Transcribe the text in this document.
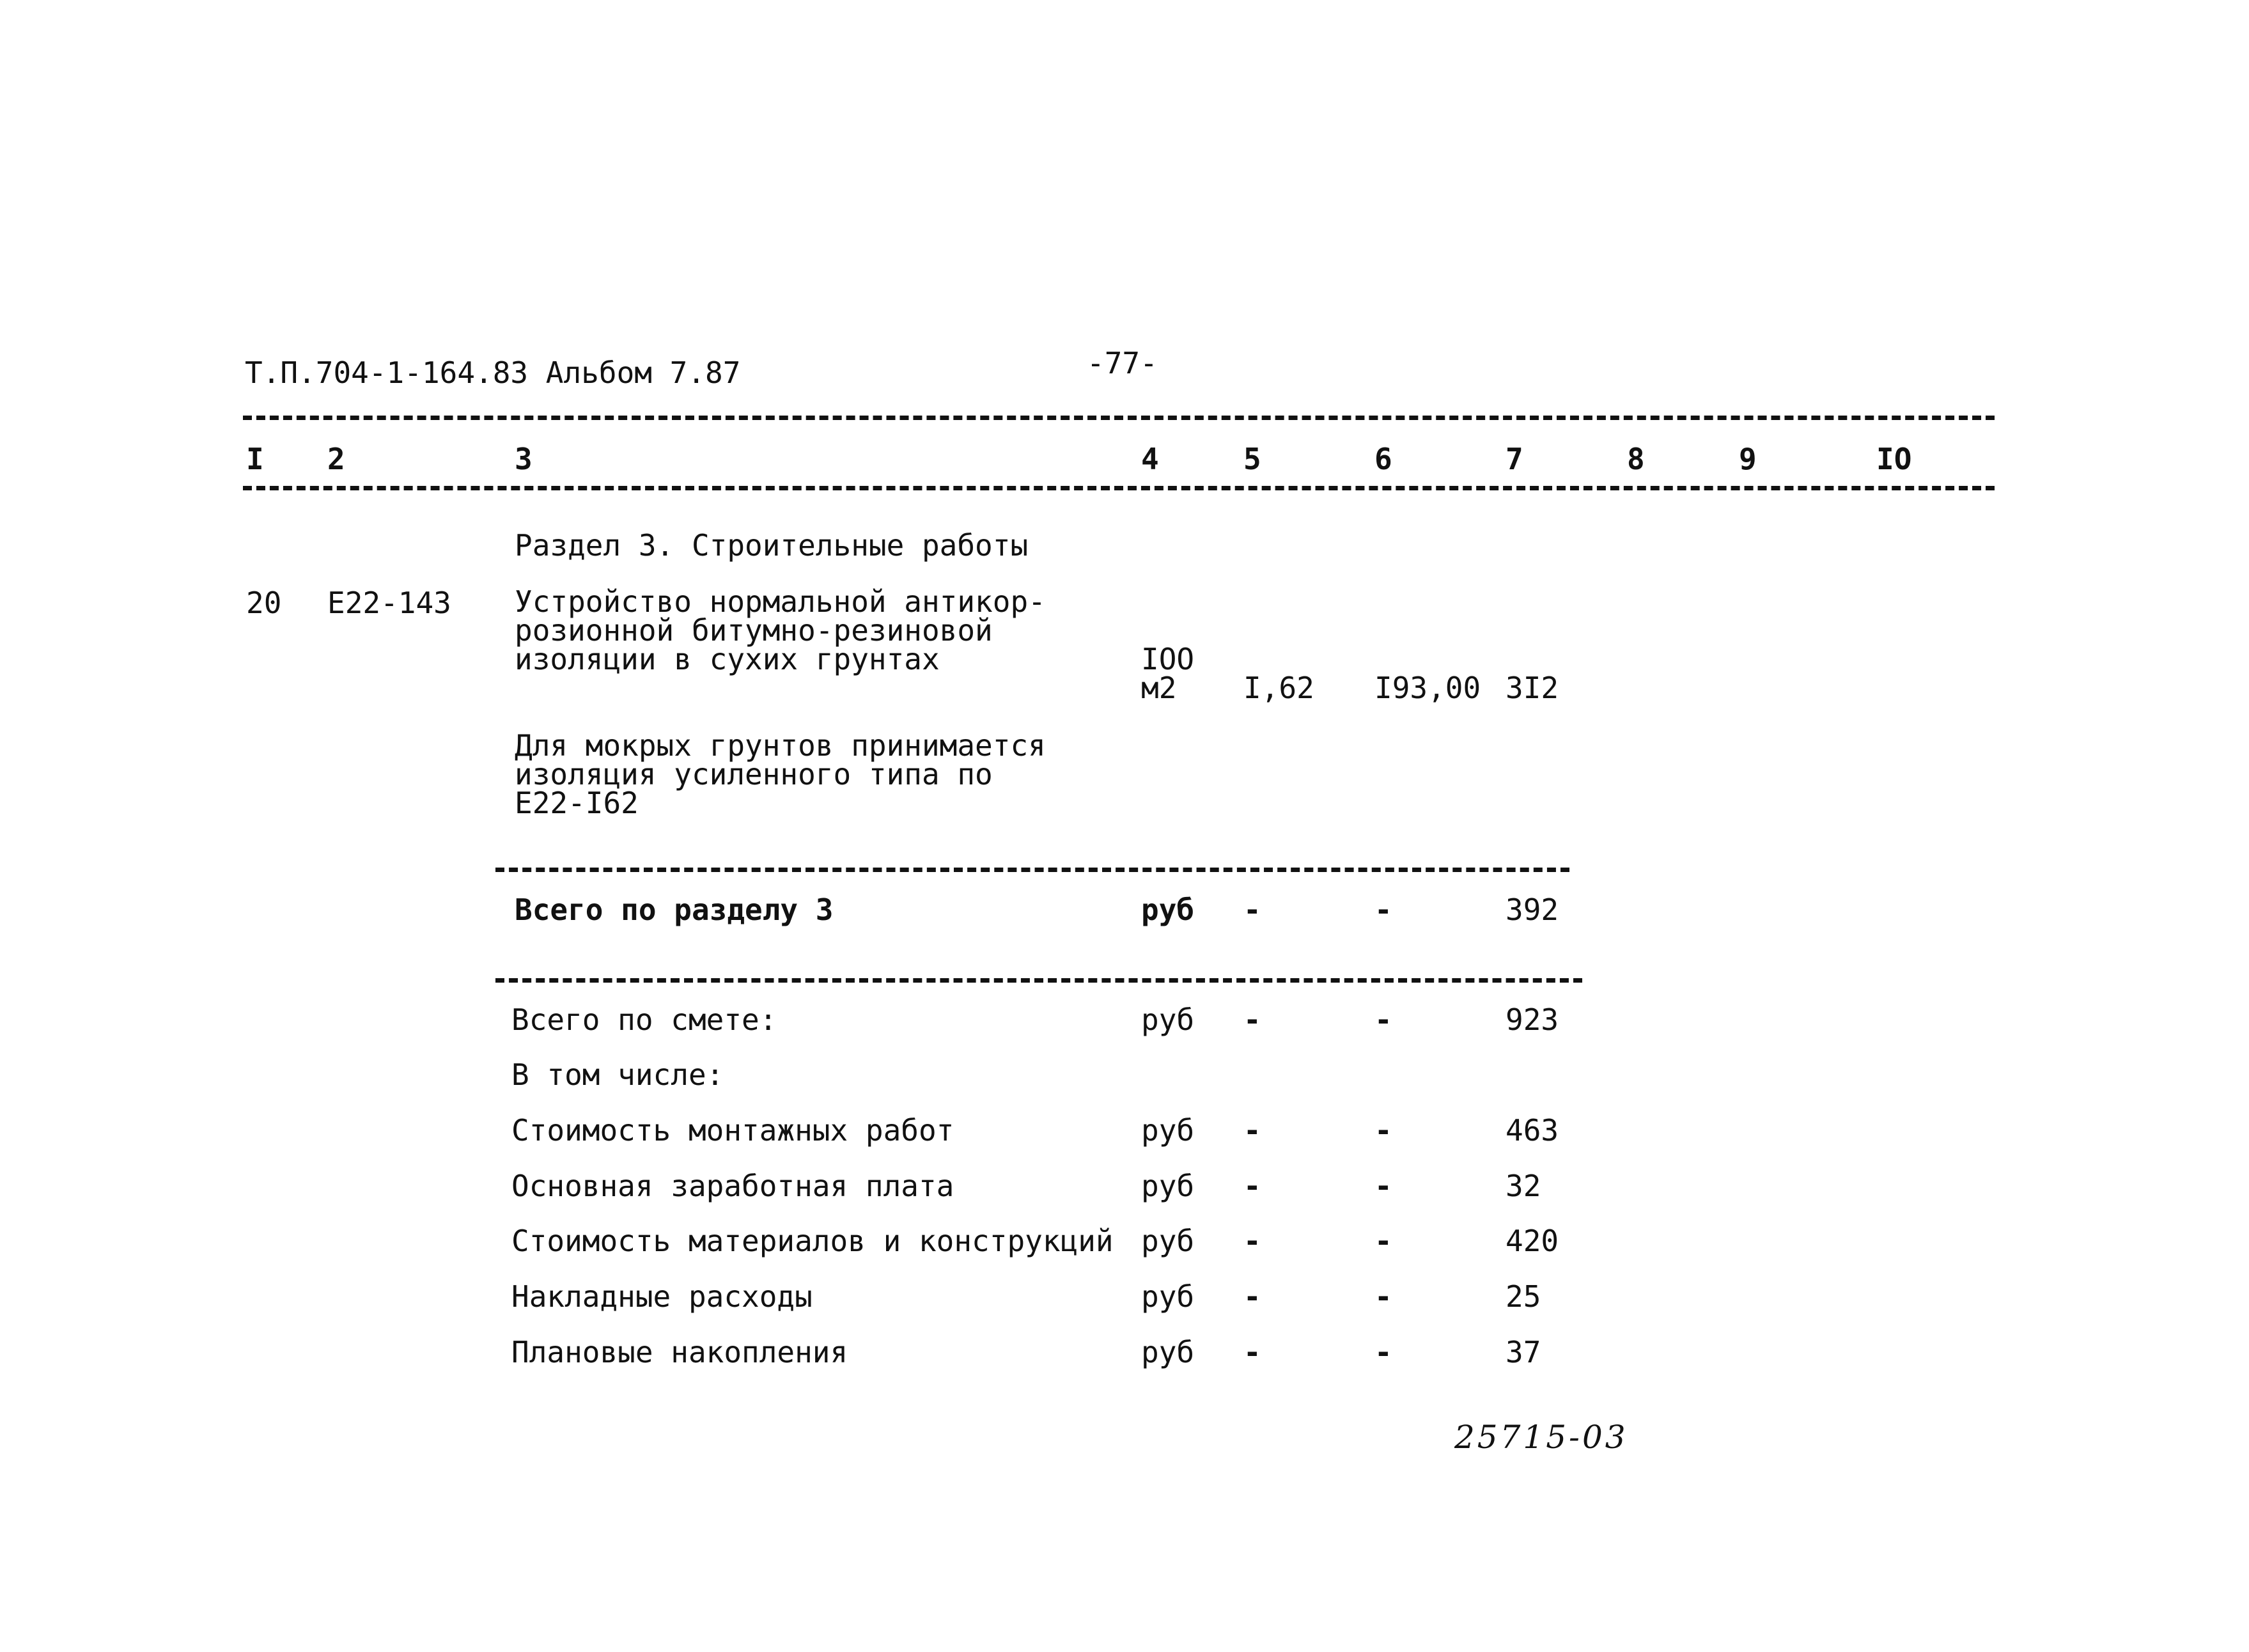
Т.П.704-1-164.83 Альбом 7.87	-77-
I 2	3	4	5	6	7	8	9	IO
Раздел 3. Строительные работы
20 Е22-143 Устройство нормальной антикор-
розионной битумно-резиновой
изоляции в сухих грунтах	IOO
м2 I,62 I93,00 3I2
Для мокрых грунтов принимается
изоляция усиленного типа по
Е22-I62
Всего по разделу 3	руб -	-	392
Всего по смете:	руб -	-	923
В том числе:
Стоимость монтажных работ	руб -	-	463
Основная заработная плата	руб -	-	32
Стоимость материалов и конструкций руб -	-	420
Накладные расходы	руб -	-	25
Плановые накопления	руб -	-	37
25715-03
